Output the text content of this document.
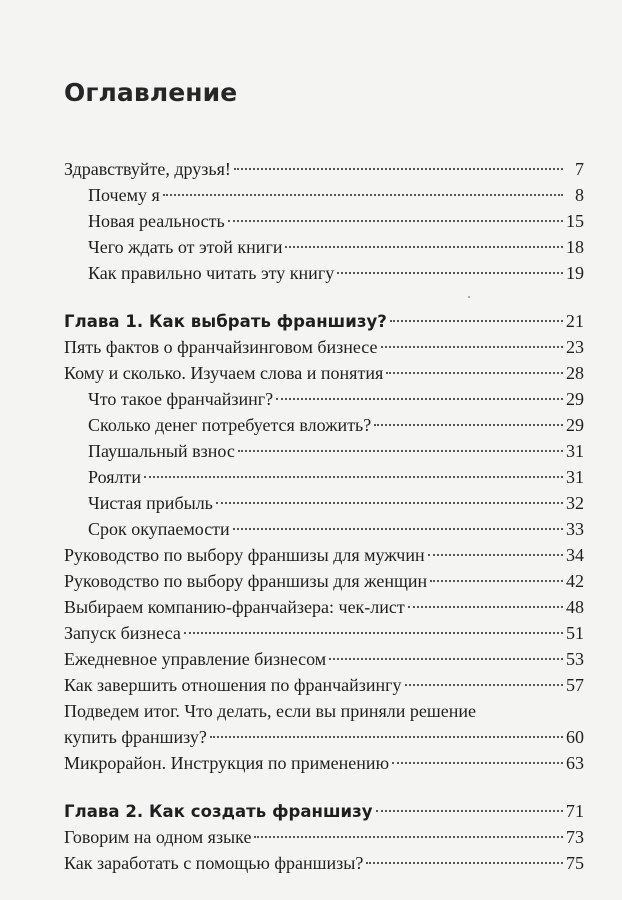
Оглавление
Здравствуйте, друзья!	7
Почему я	8
Новая реальность	15
Чего ждать от этой книги	18
Как правильно читать эту книгу	19
Глава 1. Как выбрать франшизу?	21
Пять фактов о франчайзинговом бизнесе	23
Кому и сколько. Изучаем слова и понятия	28
Что такое франчайзинг?	29
Сколько денег потребуется вложить?	29
Паушальный взнос	31
Роялти	31
Чистая прибыль	32
Срок окупаемости	33
Руководство по выбору франшизы для мужчин	34
Руководство по выбору франшизы для женщин	42
Выбираем компанию-франчайзера: чек-лист	48
Запуск бизнеса	51
Ежедневное управление бизнесом	53
Как завершить отношения по франчайзингу	57
Подведем итог. Что делать, если вы приняли решение
купить франшизу?	60
Микрорайон. Инструкция по применению	63
Глава 2. Как создать франшизу	71
Говорим на одном языке	73
Как заработать с помощью франшизы?	75
